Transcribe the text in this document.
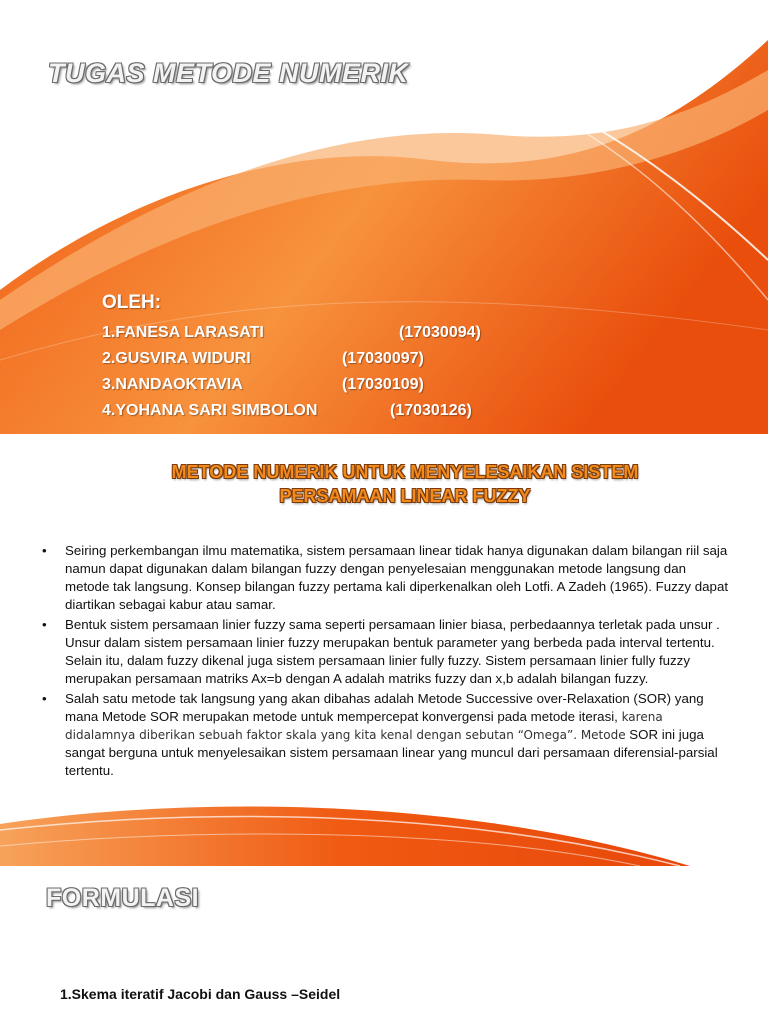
TUGAS METODE NUMERIK
OLEH:
1.FANESA LARASATI	(17030094)
2.GUSVIRA WIDURI	(17030097)
3.NANDAOKTAVIA	(17030109)
4.YOHANA SARI SIMBOLON	(17030126)
METODE NUMERIK UNTUK MENYELESAIKAN SISTEM
PERSAMAAN LINEAR FUZZY
• Seiring perkembangan ilmu matematika, sistem persamaan linear tidak hanya digunakan dalam bilangan riil saja namun dapat digunakan dalam bilangan fuzzy dengan penyelesaian menggunakan metode langsung dan metode tak langsung. Konsep bilangan fuzzy pertama kali diperkenalkan oleh Lotfi. A Zadeh (1965). Fuzzy dapat diartikan sebagai kabur atau samar.
• Bentuk sistem persamaan linier fuzzy sama seperti persamaan linier biasa, perbedaannya terletak pada unsur . Unsur dalam sistem persamaan linier fuzzy merupakan bentuk parameter yang berbeda pada interval tertentu. Selain itu, dalam fuzzy dikenal juga sistem persamaan linier fully fuzzy. Sistem persamaan linier fully fuzzy merupakan persamaan matriks Ax=b dengan A adalah matriks fuzzy dan x,b adalah bilangan fuzzy.
• Salah satu metode tak langsung yang akan dibahas adalah Metode Successive over-Relaxation (SOR) yang mana Metode SOR merupakan metode untuk mempercepat konvergensi pada metode iterasi, karena didalamnya diberikan sebuah faktor skala yang kita kenal dengan sebutan “Omega”. Metode SOR ini juga sangat berguna untuk menyelesaikan sistem persamaan linear yang muncul dari persamaan diferensial-parsial tertentu.
FORMULASI
1.Skema iteratif Jacobi dan Gauss –Seidel
